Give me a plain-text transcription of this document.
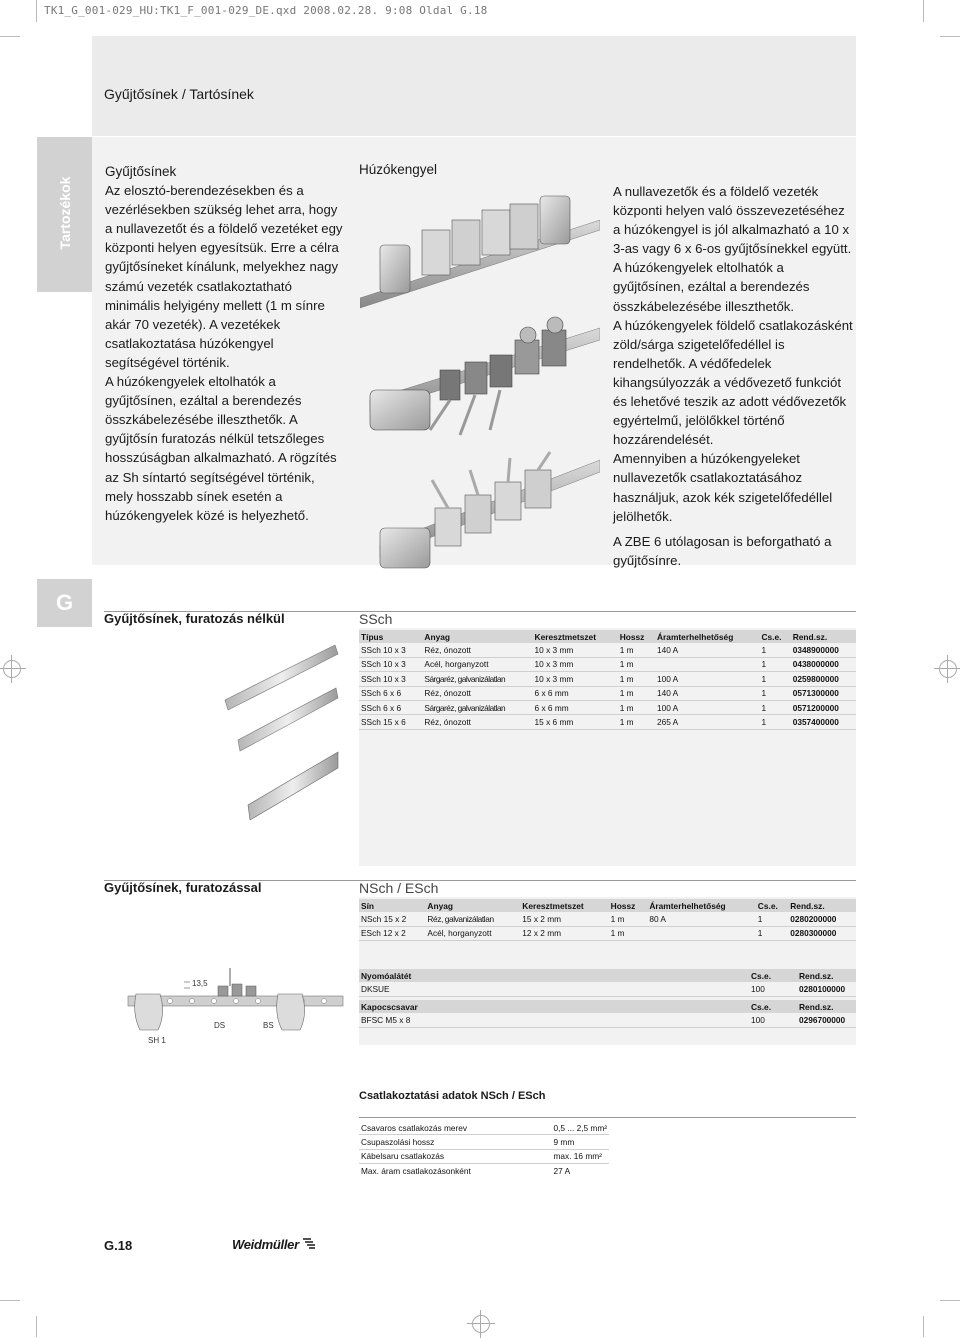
TK1_G_001-029_HU:TK1_F_001-029_DE.qxd 2008.02.28. 9:08 Oldal G.18
Gyűjtősínek / Tartósínek
Tartozékok
G
Gyűjtősínek

Az elosztó-berendezésekben és a vezérlésekben szükség lehet arra, hogy a nullavezetőt és a földelő vezetéket egy központi helyen egyesítsük. Erre a célra gyűjtősíneket kínálunk, melyekhez nagy számú vezeték csatlakoztatható minimális helyigény mellett (1 m sínre akár 70 vezeték). A vezetékek csatlakoztatása húzókengyel segítségével történik.

A húzókengyelek eltolhatók a gyűjtősínen, ezáltal a berendezés összkábelezésébe illeszthetők. A gyűjtősín furatozás nélkül tetszőleges hosszúságban alkalmazható. A rögzítés az Sh síntartó segítségével történik, mely hosszabb sínek esetén a húzókengyelek közé is helyezhető.

Húzókengyel

A nullavezetők és a földelő vezeték központi helyen való összevezetéséhez a húzókengyel is jól alkalmazható a 10 x 3-as vagy 6 x 6-os gyűjtősínekkel együtt. A húzókengyelek eltolhatók a gyűjtősínen, ezáltal a berendezés összkábelezésébe illeszthetők.

A húzókengyelek földelő csatlakozásként zöld/sárga szigetelőfedéllel is rendelhetők. A védőfedelek kihangsúlyozzák a védővezető funkciót és lehetővé teszik az adott védővezetők egyértelmű, jelölőkkel történő hozzárendelését.

Amennyiben a húzókengyeleket nullavezetők csatlakoztatásához használjuk, azok kék szigetelőfedéllel jelölhetők.

A ZBE 6 utólagosan is beforgatható a gyűjtősínre.

Gyűjtősínek, furatozás nélkül	SSch
Típus	Anyag	Keresztmetszet	Hossz	Áramterhelhetőség	Cs.e.	Rend.sz.
SSch 10 x 3	Réz, ónozott	10 x 3 mm	1 m	140 A	1	0348900000
SSch 10 x 3	Acél, horganyzott	10 x 3 mm	1 m		1	0438000000
SSch 10 x 3	Sárgaréz, galvanizálatlan	10 x 3 mm	1 m	100 A	1	0259800000
SSch 6 x 6	Réz, ónozott	6 x 6 mm	1 m	140 A	1	0571300000
SSch 6 x 6	Sárgaréz, galvanizálatlan	6 x 6 mm	1 m	100 A	1	0571200000
SSch 15 x 6	Réz, ónozott	15 x 6 mm	1 m	265 A	1	0357400000
Gyűjtősínek, furatozással	NSch / ESch
Sín	Anyag	Keresztmetszet	Hossz	Áramterhelhetőség	Cs.e.	Rend.sz.
NSch 15 x 2	Réz, galvanizálatlan	15 x 2 mm	1 m	80 A	1	0280200000
ESch 12 x 2	Acél, horganyzott	12 x 2 mm	1 m		1	0280300000
Nyomóalátét	Cs.e.	Rend.sz.
DKSUE	100	0280100000
Kapocscsavar	Cs.e.	Rend.sz.
BFSC M5 x 8	100	0296700000
13,5
DS	BS
SH 1
Csatlakoztatási adatok NSch / ESch
Csavaros csatlakozás merev	0,5 ... 2,5 mm²
Csupaszolási hossz	9 mm
Kábelsaru csatlakozás	max. 16 mm²
Max. áram csatlakozásonként	27 A
G.18	Weidmüller
